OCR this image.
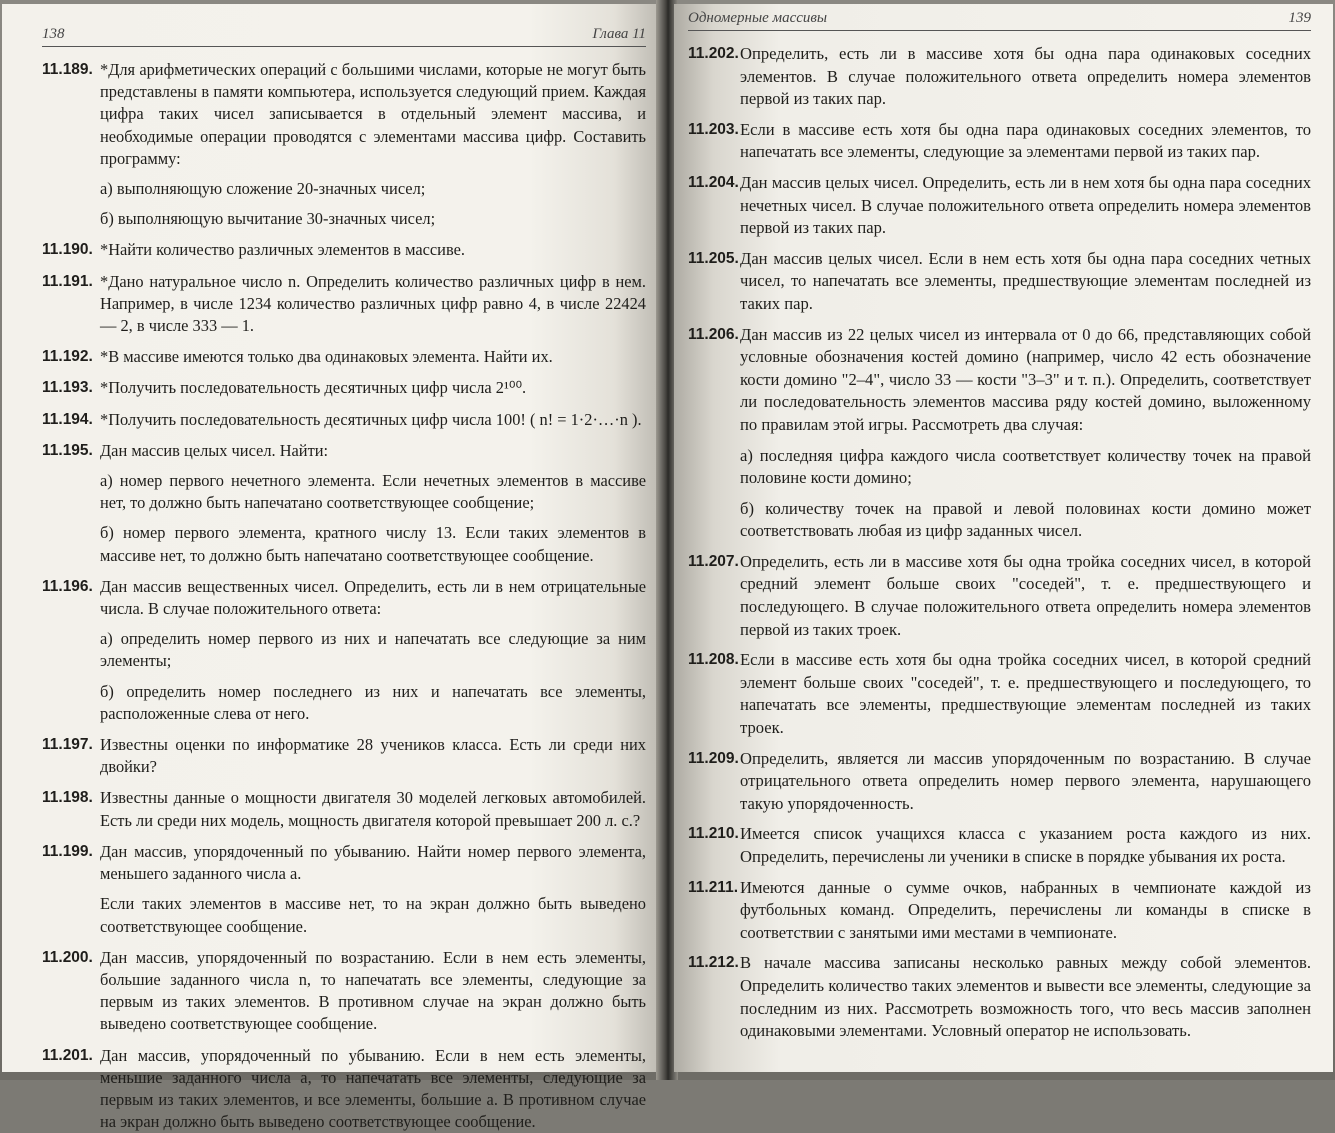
138	Глава 11
11.189. *Для арифметических операций с большими числами, которые не могут быть представлены в памяти компьютера, используется следующий прием. Каждая цифра таких чисел записывается в отдельный элемент массива, и необходимые операции проводятся с элементами массива цифр. Составить программу:

а) выполняющую сложение 20-значных чисел;

б) выполняющую вычитание 30-значных чисел;

11.190. *Найти количество различных элементов в массиве.

11.191. *Дано натуральное число n. Определить количество различных цифр в нем. Например, в числе 1234 количество различных цифр равно 4, в числе 22424 — 2, в числе 333 — 1.

11.192. *В массиве имеются только два одинаковых элемента. Найти их.

11.193. *Получить последовательность десятичных цифр числа 2¹⁰⁰.

11.194. *Получить последовательность десятичных цифр числа 100! ( n! = 1·2·…·n ).

11.195. Дан массив целых чисел. Найти:

а) номер первого нечетного элемента. Если нечетных элементов в массиве нет, то должно быть напечатано соответствующее сообщение;

б) номер первого элемента, кратного числу 13. Если таких элементов в массиве нет, то должно быть напечатано соответствующее сообщение.

11.196. Дан массив вещественных чисел. Определить, есть ли в нем отрицательные числа. В случае положительного ответа:

а) определить номер первого из них и напечатать все следующие за ним элементы;

б) определить номер последнего из них и напечатать все элементы, расположенные слева от него.

11.197. Известны оценки по информатике 28 учеников класса. Есть ли среди них двойки?

11.198. Известны данные о мощности двигателя 30 моделей легковых автомобилей. Есть ли среди них модель, мощность двигателя которой превышает 200 л. с.?

11.199. Дан массив, упорядоченный по убыванию. Найти номер первого элемента, меньшего заданного числа a.

Если таких элементов в массиве нет, то на экран должно быть выведено соответствующее сообщение.

11.200. Дан массив, упорядоченный по возрастанию. Если в нем есть элементы, большие заданного числа n, то напечатать все элементы, следующие за первым из таких элементов. В противном случае на экран должно быть выведено соответствующее сообщение.

11.201. Дан массив, упорядоченный по убыванию. Если в нем есть элементы, меньшие заданного числа a, то напечатать все элементы, следующие за первым из таких элементов, и все элементы, большие a. В противном случае на экран должно быть выведено соответствующее сообщение.

Одномерные массивы	139
11.202. Определить, есть ли в массиве хотя бы одна пара одинаковых соседних элементов. В случае положительного ответа определить номера элементов первой из таких пар.

11.203. Если в массиве есть хотя бы одна пара одинаковых соседних элементов, то напечатать все элементы, следующие за элементами первой из таких пар.

11.204. Дан массив целых чисел. Определить, есть ли в нем хотя бы одна пара соседних нечетных чисел. В случае положительного ответа определить номера элементов первой из таких пар.

11.205. Дан массив целых чисел. Если в нем есть хотя бы одна пара соседних четных чисел, то напечатать все элементы, предшествующие элементам последней из таких пар.

11.206. Дан массив из 22 целых чисел из интервала от 0 до 66, представляющих собой условные обозначения костей домино (например, число 42 есть обозначение кости домино "2–4", число 33 — кости "3–3" и т. п.). Определить, соответствует ли последовательность элементов массива ряду костей домино, выложенному по правилам этой игры. Рассмотреть два случая:

а) последняя цифра каждого числа соответствует количеству точек на правой половине кости домино;

б) количеству точек на правой и левой половинах кости домино может соответствовать любая из цифр заданных чисел.

11.207. Определить, есть ли в массиве хотя бы одна тройка соседних чисел, в которой средний элемент больше своих "соседей", т. е. предшествующего и последующего. В случае положительного ответа определить номера элементов первой из таких троек.

11.208. Если в массиве есть хотя бы одна тройка соседних чисел, в которой средний элемент больше своих "соседей", т. е. предшествующего и последующего, то напечатать все элементы, предшествующие элементам последней из таких троек.

11.209. Определить, является ли массив упорядоченным по возрастанию. В случае отрицательного ответа определить номер первого элемента, нарушающего такую упорядоченность.

11.210. Имеется список учащихся класса с указанием роста каждого из них. Определить, перечислены ли ученики в списке в порядке убывания их роста.

11.211. Имеются данные о сумме очков, набранных в чемпионате каждой из футбольных команд. Определить, перечислены ли команды в списке в соответствии с занятыми ими местами в чемпионате.

11.212. В начале массива записаны несколько равных между собой элементов. Определить количество таких элементов и вывести все элементы, следующие за последним из них. Рассмотреть возможность того, что весь массив заполнен одинаковыми элементами. Условный оператор не использовать.
